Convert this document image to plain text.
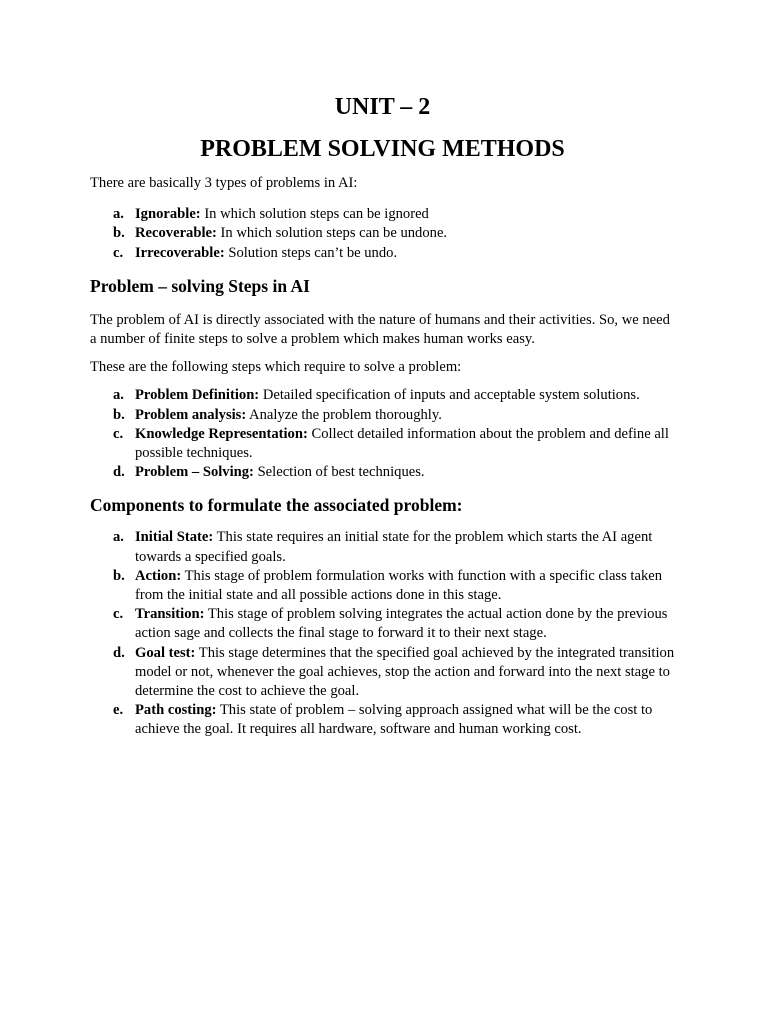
UNIT – 2
PROBLEM SOLVING METHODS

There are basically 3 types of problems in AI:

a. Ignorable: In which solution steps can be ignored
b. Recoverable: In which solution steps can be undone.
c. Irrecoverable: Solution steps can’t be undo.
Problem – solving Steps in AI

The problem of AI is directly associated with the nature of humans and their activities. So, we need a number of finite steps to solve a problem which makes human works easy.

These are the following steps which require to solve a problem:

a. Problem Definition: Detailed specification of inputs and acceptable system solutions.
b. Problem analysis: Analyze the problem thoroughly.
c. Knowledge Representation: Collect detailed information about the problem and define all possible techniques.
d. Problem – Solving: Selection of best techniques.
Components to formulate the associated problem:
a. Initial State: This state requires an initial state for the problem which starts the AI agent towards a specified goals.
b. Action: This stage of problem formulation works with function with a specific class taken from the initial state and all possible actions done in this stage.
c. Transition: This stage of problem solving integrates the actual action done by the previous action sage and collects the final stage to forward it to their next stage.
d. Goal test: This stage determines that the specified goal achieved by the integrated transition model or not, whenever the goal achieves, stop the action and forward into the next stage to determine the cost to achieve the goal.
e. Path costing: This state of problem – solving approach assigned what will be the cost to achieve the goal. It requires all hardware, software and human working cost.
